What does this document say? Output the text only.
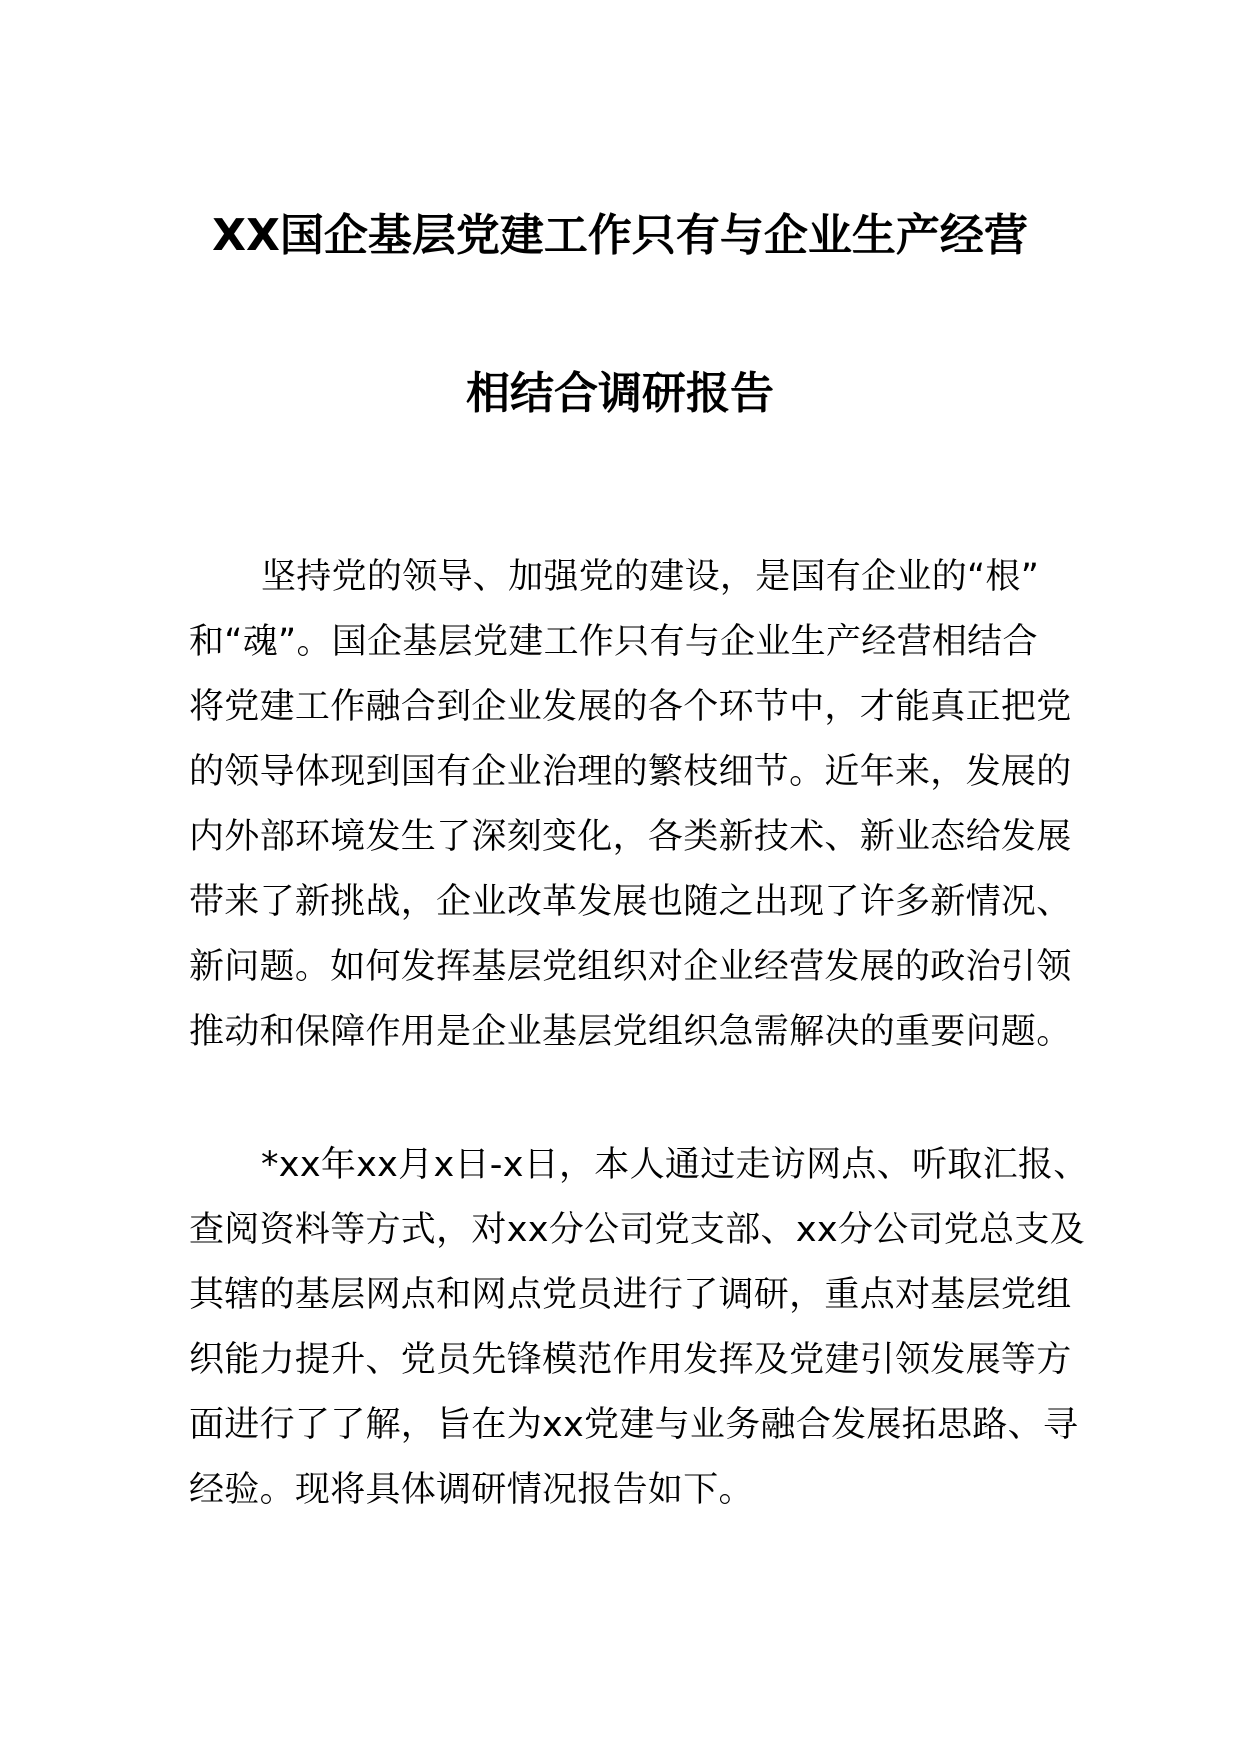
XX国企基层党建工作只有与企业生产经营
相结合调研报告
坚持党的领导、加强党的建设，是国有企业的“根”
和“魂”。国企基层党建工作只有与企业生产经营相结合
将党建工作融合到企业发展的各个环节中，才能真正把党
的领导体现到国有企业治理的繁枝细节。近年来，发展的
内外部环境发生了深刻变化，各类新技术、新业态给发展
带来了新挑战，企业改革发展也随之出现了许多新情况、
新问题。如何发挥基层党组织对企业经营发展的政治引领
推动和保障作用是企业基层党组织急需解决的重要问题。
*xx年xx月x日-x日，本人通过走访网点、听取汇报、
查阅资料等方式，对xx分公司党支部、xx分公司党总支及
其辖的基层网点和网点党员进行了调研，重点对基层党组
织能力提升、党员先锋模范作用发挥及党建引领发展等方
面进行了了解，旨在为xx党建与业务融合发展拓思路、寻
经验。现将具体调研情况报告如下。
